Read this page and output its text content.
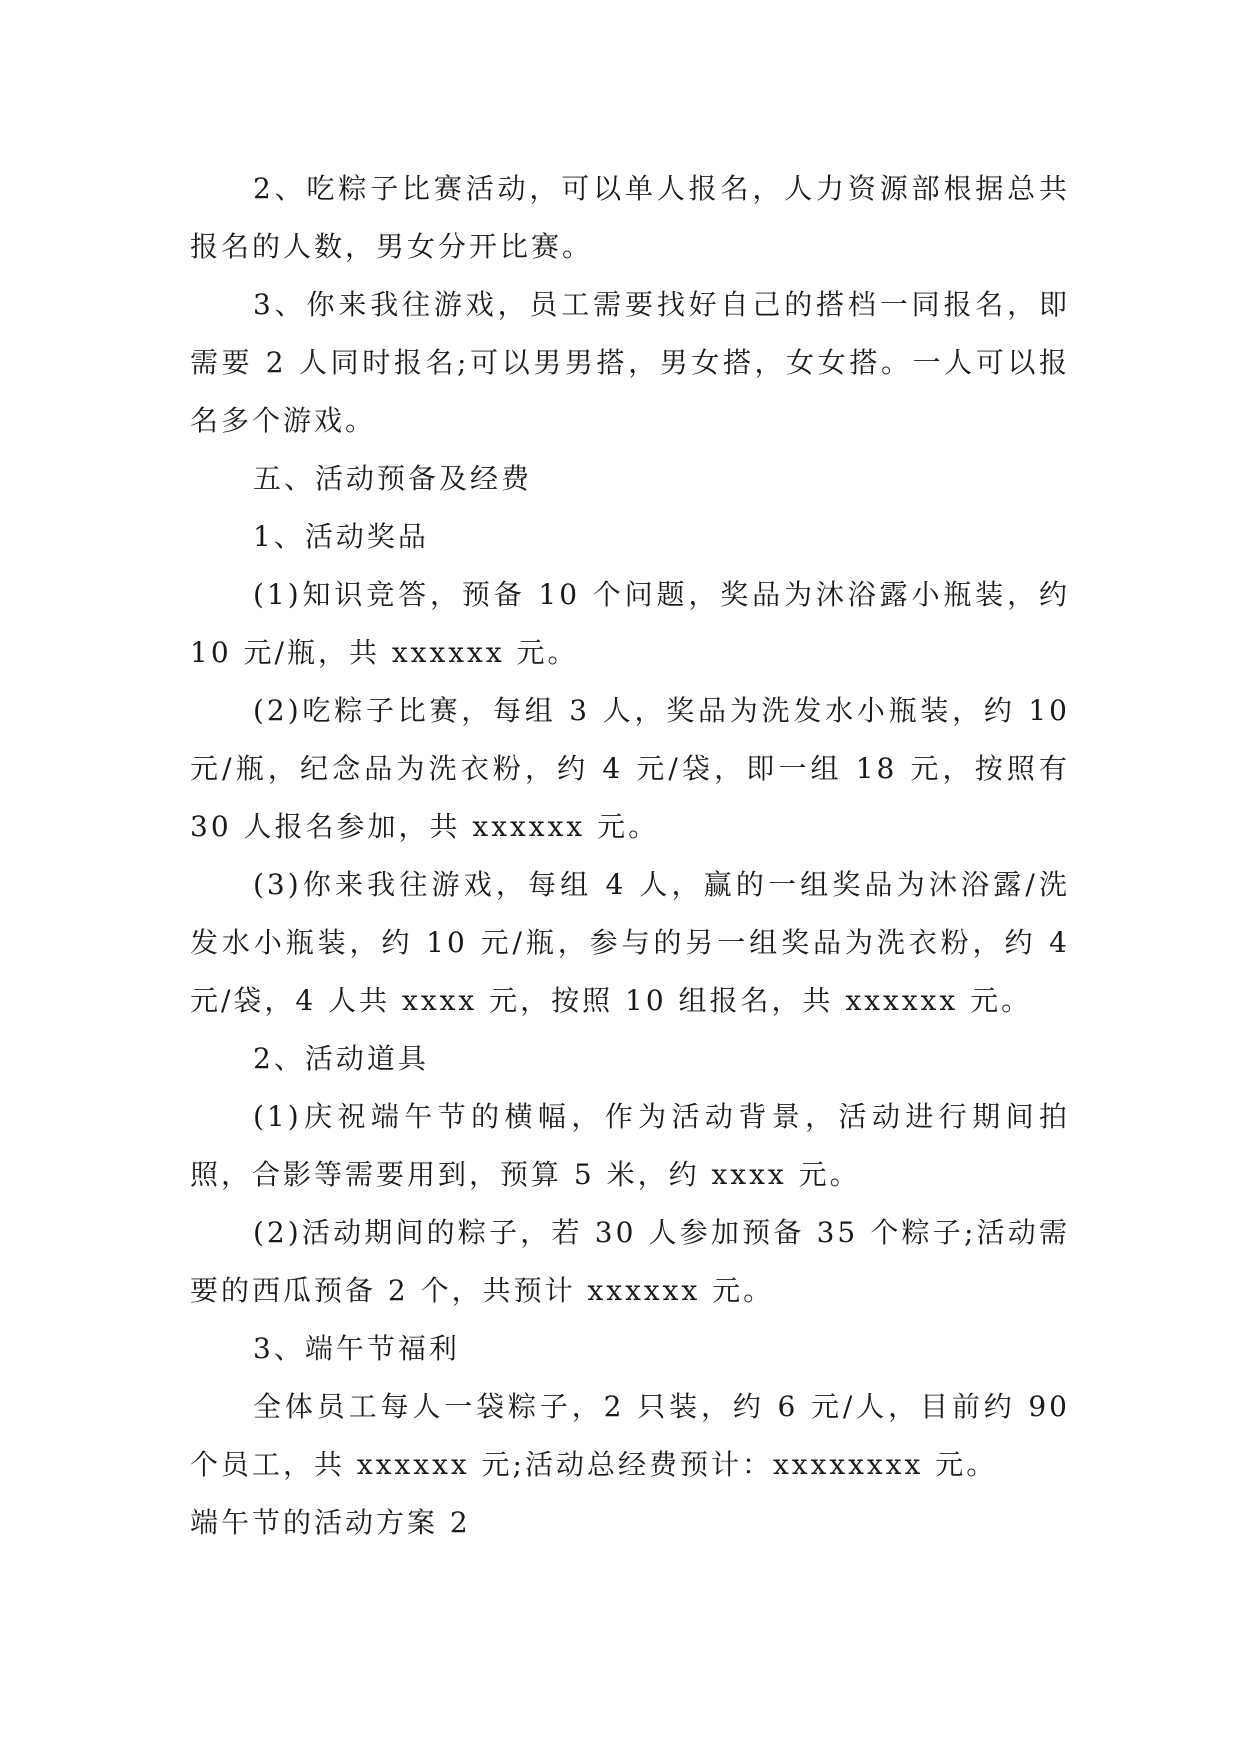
2、吃粽子比赛活动，可以单人报名，人力资源部根据总共报名的人数，男女分开比赛。

3、你来我往游戏，员工需要找好自己的搭档一同报名，即需要 2 人同时报名;可以男男搭，男女搭，女女搭。一人可以报名多个游戏。

五、活动预备及经费

1、活动奖品

(1)知识竞答，预备 10 个问题，奖品为沐浴露小瓶装，约 10 元/瓶，共 xxxxxx 元。

(2)吃粽子比赛，每组 3 人，奖品为洗发水小瓶装，约 10 元/瓶，纪念品为洗衣粉，约 4 元/袋，即一组 18 元，按照有 30 人报名参加，共 xxxxxx 元。

(3)你来我往游戏，每组 4 人，赢的一组奖品为沐浴露/洗发水小瓶装，约 10 元/瓶，参与的另一组奖品为洗衣粉，约 4 元/袋，4 人共 xxxx 元，按照 10 组报名，共 xxxxxx 元。

2、活动道具

(1)庆祝端午节的横幅，作为活动背景，活动进行期间拍照，合影等需要用到，预算 5 米，约 xxxx 元。

(2)活动期间的粽子，若 30 人参加预备 35 个粽子;活动需要的西瓜预备 2 个，共预计 xxxxxx 元。

3、端午节福利

全体员工每人一袋粽子，2 只装，约 6 元/人，目前约 90 个员工，共 xxxxxx 元;活动总经费预计：xxxxxxxx 元。

端午节的活动方案 2
